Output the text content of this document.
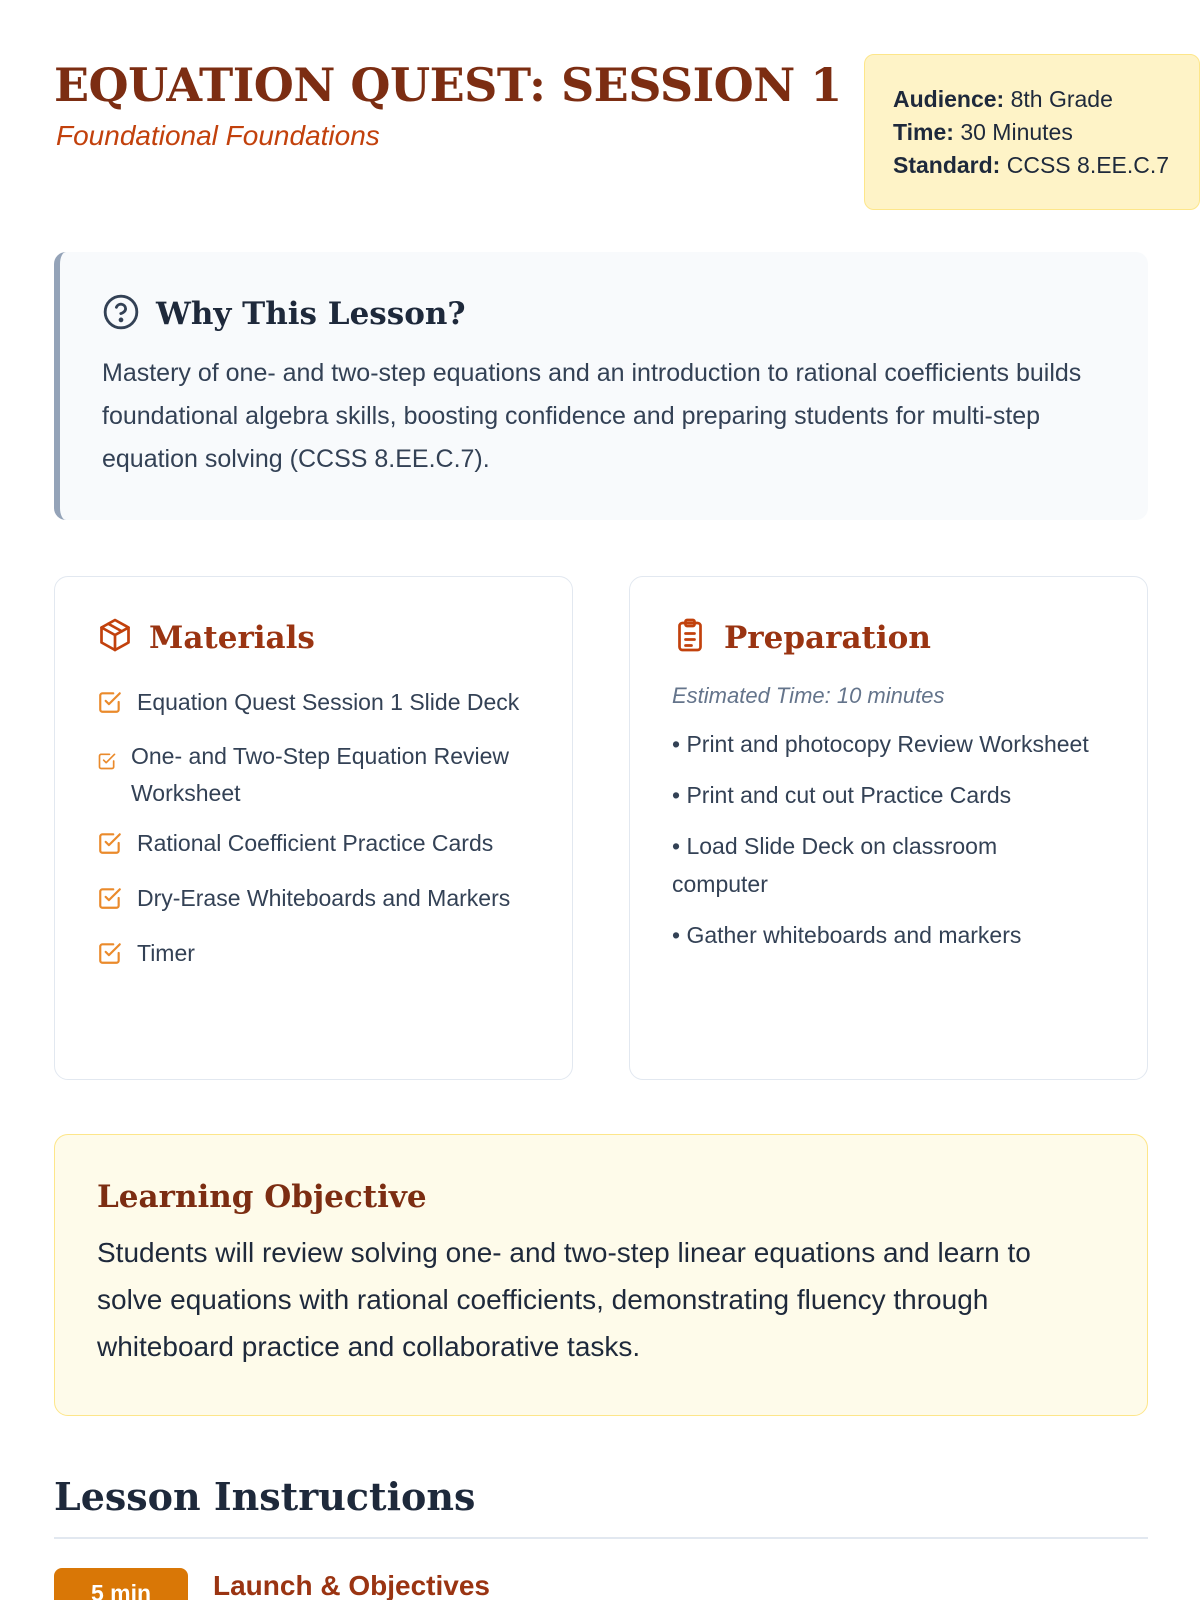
EQUATION QUEST: SESSION 1
Foundational Foundations
Audience: 8th Grade
Time: 30 Minutes
Standard: CCSS 8.EE.C.7
Why This Lesson?
Mastery of one- and two-step equations and an introduction to rational coefficients builds foundational algebra skills, boosting confidence and preparing students for multi-step equation solving (CCSS 8.EE.C.7).
Materials
Equation Quest Session 1 Slide Deck
One- and Two-Step Equation Review Worksheet
Rational Coefficient Practice Cards
Dry-Erase Whiteboards and Markers
Timer
Preparation
Estimated Time: 10 minutes
• Print and photocopy Review Worksheet
• Print and cut out Practice Cards
• Load Slide Deck on classroom computer
• Gather whiteboards and markers
Learning Objective
Students will review solving one- and two-step linear equations and learn to solve equations with rational coefficients, demonstrating fluency through whiteboard practice and collaborative tasks.
Lesson Instructions
5 min	Launch & Objectives
